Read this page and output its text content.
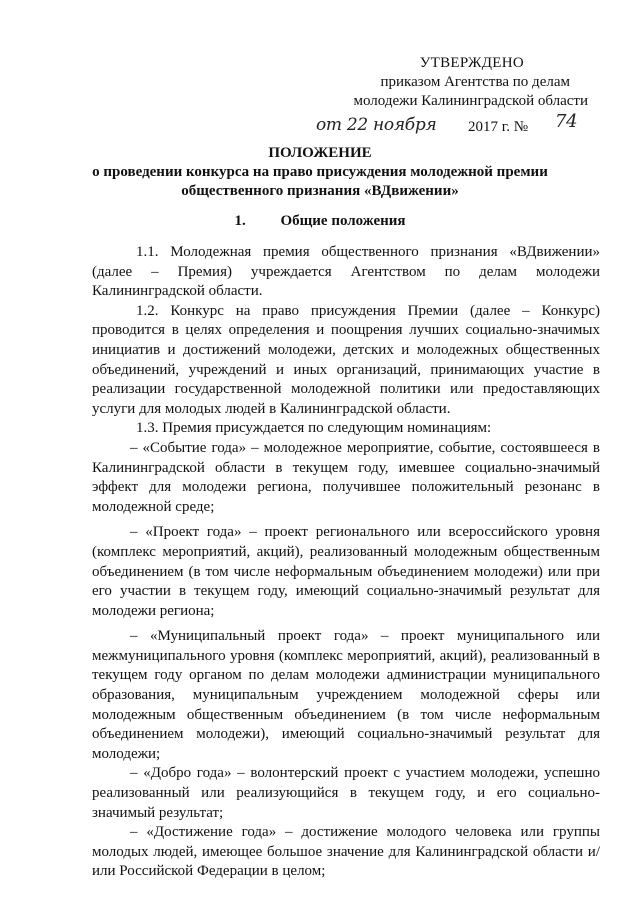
УТВЕРЖДЕНО
приказом Агентства по делам
молодежи Калининградской области
от 22 ноября 2017 г. № 74
ПОЛОЖЕНИЕ
о проведении конкурса на право присуждения молодежной премии
общественного признания «ВДвижении»
1. Общие положения

1.1. Молодежная премия общественного признания «ВДвижении» (далее – Премия) учреждается Агентством по делам молодежи Калининградской области.

1.2. Конкурс на право присуждения Премии (далее – Конкурс) проводится в целях определения и поощрения лучших социально-значимых инициатив и достижений молодежи, детских и молодежных общественных объединений, учреждений и иных организаций, принимающих участие в реализации государственной молодежной политики или предоставляющих услуги для молодых людей в Калининградской области.

1.3. Премия присуждается по следующим номинациям:

– «Событие года» – молодежное мероприятие, событие, состоявшееся в Калининградской области в текущем году, имевшее социально-значимый эффект для молодежи региона, получившее положительный резонанс в молодежной среде;

– «Проект года» – проект регионального или всероссийского уровня (комплекс мероприятий, акций), реализованный молодежным общественным объединением (в том числе неформальным объединением молодежи) или при его участии в текущем году, имеющий социально-значимый результат для молодежи региона;

– «Муниципальный проект года» – проект муниципального или межмуниципального уровня (комплекс мероприятий, акций), реализованный в текущем году органом по делам молодежи администрации муниципального образования, муниципальным учреждением молодежной сферы или молодежным общественным объединением (в том числе неформальным объединением молодежи), имеющий социально-значимый результат для молодежи;

– «Добро года» – волонтерский проект с участием молодежи, успешно реализованный или реализующийся в текущем году, и его социально-значимый результат;

– «Достижение года» – достижение молодого человека или группы молодых людей, имеющее большое значение для Калининградской области и/или Российской Федерации в целом;
